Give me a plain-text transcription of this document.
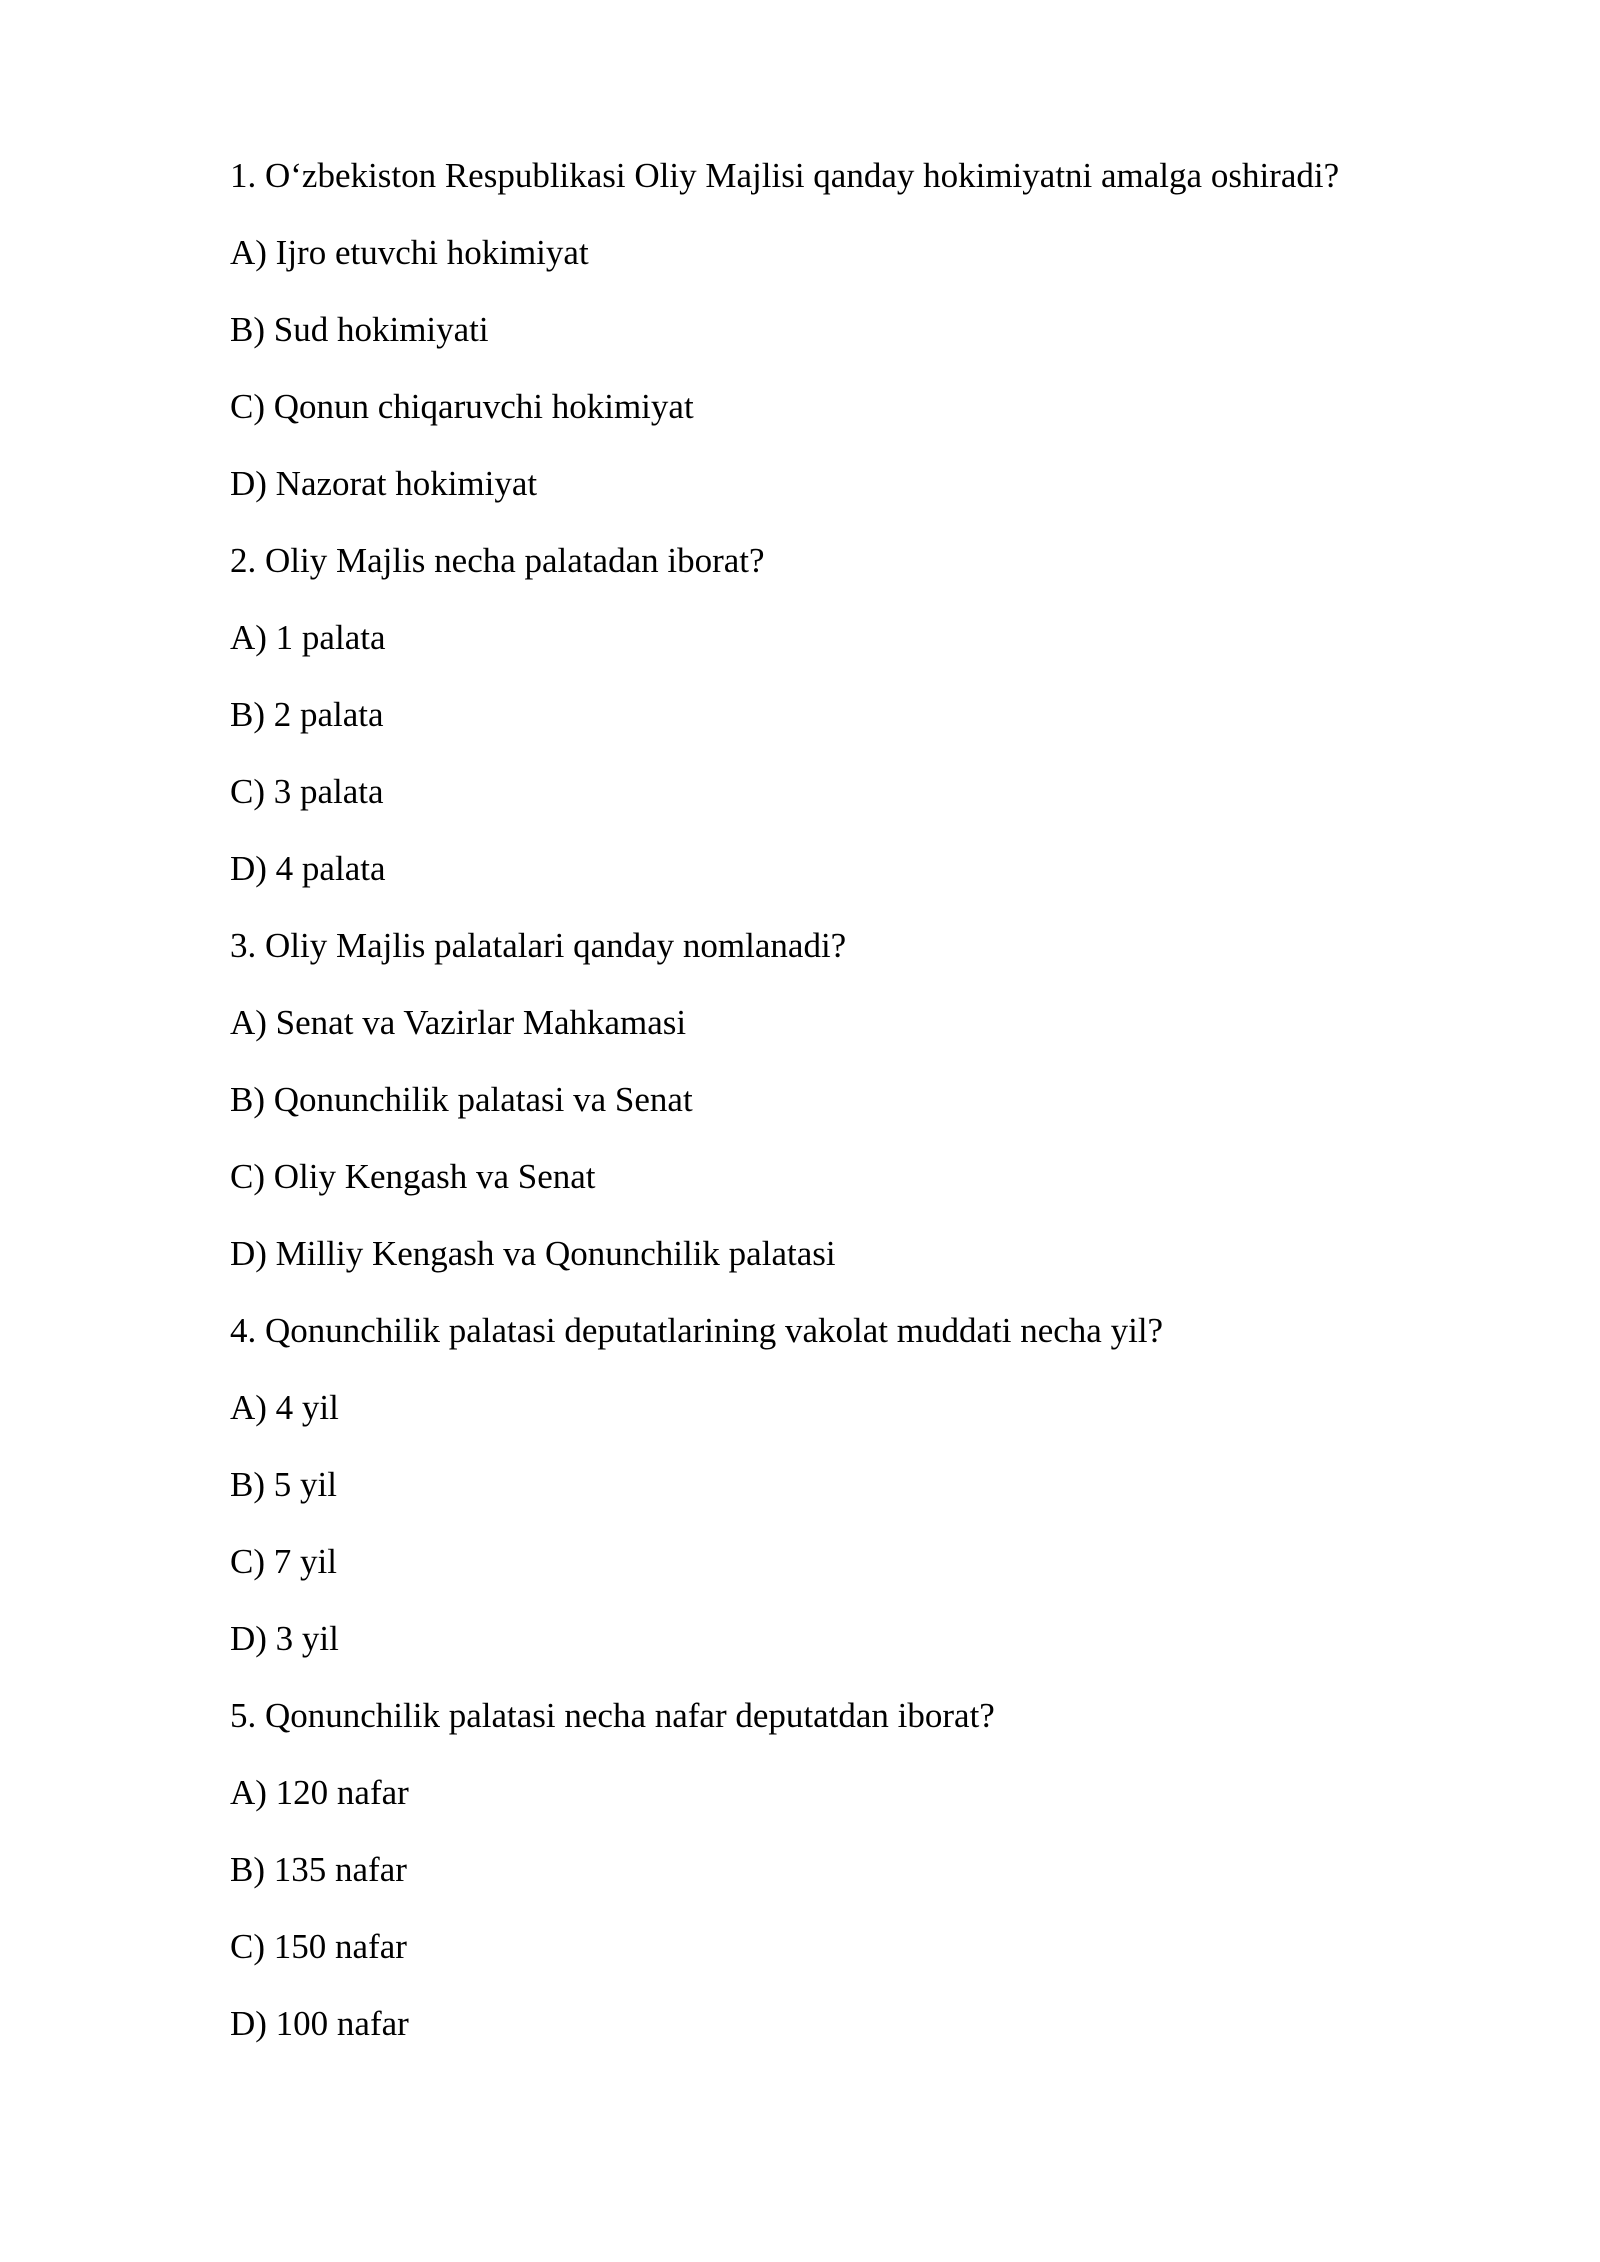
1. O‘zbekiston Respublikasi Oliy Majlisi qanday hokimiyatni amalga oshiradi?
A) Ijro etuvchi hokimiyat
B) Sud hokimiyati
C) Qonun chiqaruvchi hokimiyat
D) Nazorat hokimiyat
2. Oliy Majlis necha palatadan iborat?
A) 1 palata
B) 2 palata
C) 3 palata
D) 4 palata
3. Oliy Majlis palatalari qanday nomlanadi?
A) Senat va Vazirlar Mahkamasi
B) Qonunchilik palatasi va Senat
C) Oliy Kengash va Senat
D) Milliy Kengash va Qonunchilik palatasi
4. Qonunchilik palatasi deputatlarining vakolat muddati necha yil?
A) 4 yil
B) 5 yil
C) 7 yil
D) 3 yil
5. Qonunchilik palatasi necha nafar deputatdan iborat?
A) 120 nafar
B) 135 nafar
C) 150 nafar
D) 100 nafar
